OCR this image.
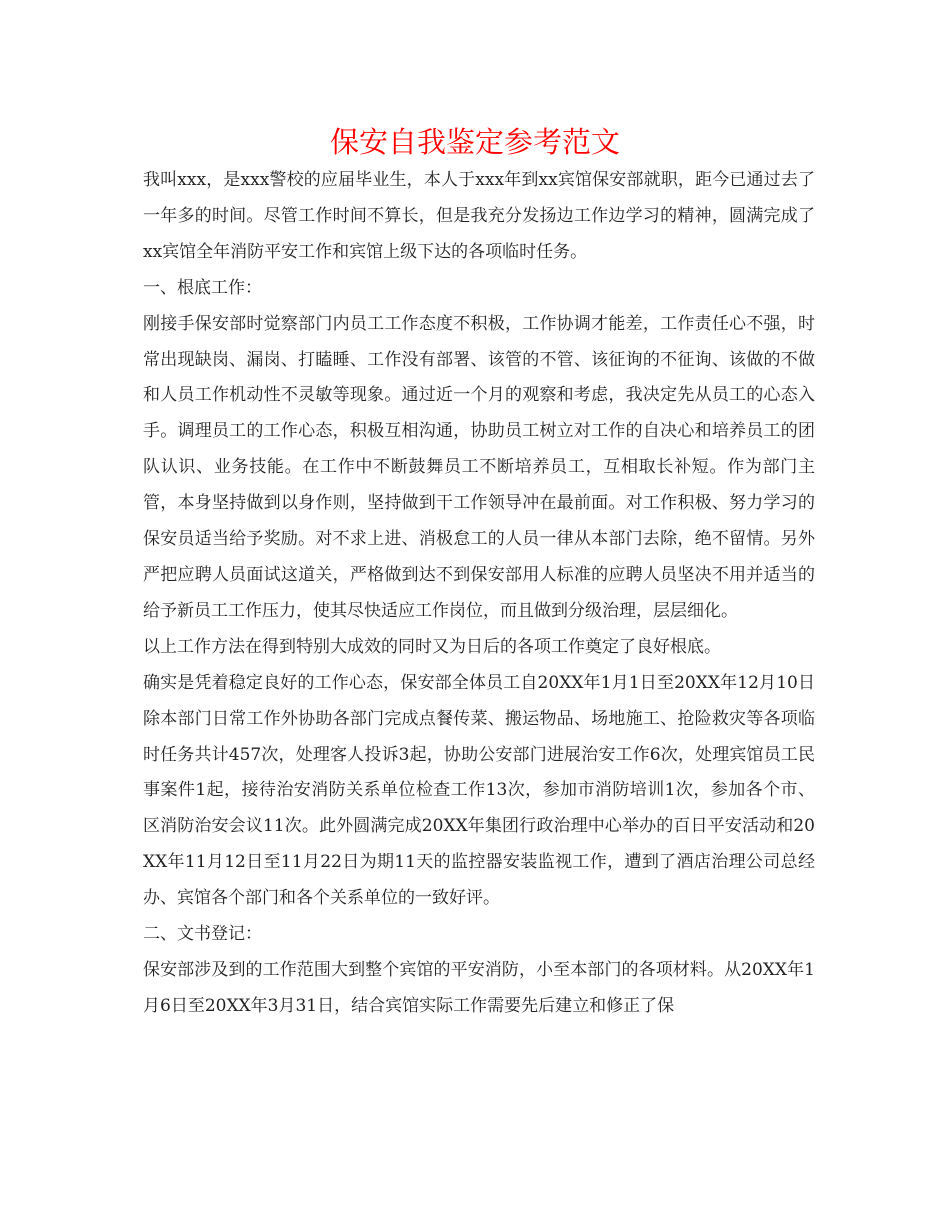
保安自我鉴定参考范文

我叫xxx，是xxx警校的应届毕业生，本人于xxx年到xx宾馆保安部就职，距今已通过去了一年多的时间。尽管工作时间不算长，但是我充分发扬边工作边学习的精神，圆满完成了xx宾馆全年消防平安工作和宾馆上级下达的各项临时任务。

一、根底工作：

刚接手保安部时觉察部门内员工工作态度不积极，工作协调才能差，工作责任心不强，时常出现缺岗、漏岗、打瞌睡、工作没有部署、该管的不管、该征询的不征询、该做的不做和人员工作机动性不灵敏等现象。通过近一个月的观察和考虑，我决定先从员工的心态入手。调理员工的工作心态，积极互相沟通，协助员工树立对工作的自决心和培养员工的团队认识、业务技能。在工作中不断鼓舞员工不断培养员工，互相取长补短。作为部门主管，本身坚持做到以身作则，坚持做到干工作领导冲在最前面。对工作积极、努力学习的保安员适当给予奖励。对不求上进、消极怠工的人员一律从本部门去除，绝不留情。另外严把应聘人员面试这道关，严格做到达不到保安部用人标准的应聘人员坚决不用并适当的给予新员工工作压力，使其尽快适应工作岗位，而且做到分级治理，层层细化。

以上工作方法在得到特别大成效的同时又为日后的各项工作奠定了良好根底。

确实是凭着稳定良好的工作心态，保安部全体员工自20XX年1月1日至20XX年12月10日除本部门日常工作外协助各部门完成点餐传菜、搬运物品、场地施工、抢险救灾等各项临时任务共计457次，处理客人投诉3起，协助公安部门进展治安工作6次，处理宾馆员工民事案件1起，接待治安消防关系单位检查工作13次，参加市消防培训1次，参加各个市、区消防治安会议11次。此外圆满完成20XX年集团行政治理中心举办的百日平安活动和20XX年11月12日至11月22日为期11天的监控器安装监视工作，遭到了酒店治理公司总经办、宾馆各个部门和各个关系单位的一致好评。

二、文书登记：

保安部涉及到的工作范围大到整个宾馆的平安消防，小至本部门的各项材料。从20XX年1月6日至20XX年3月31日，结合宾馆实际工作需要先后建立和修正了保
